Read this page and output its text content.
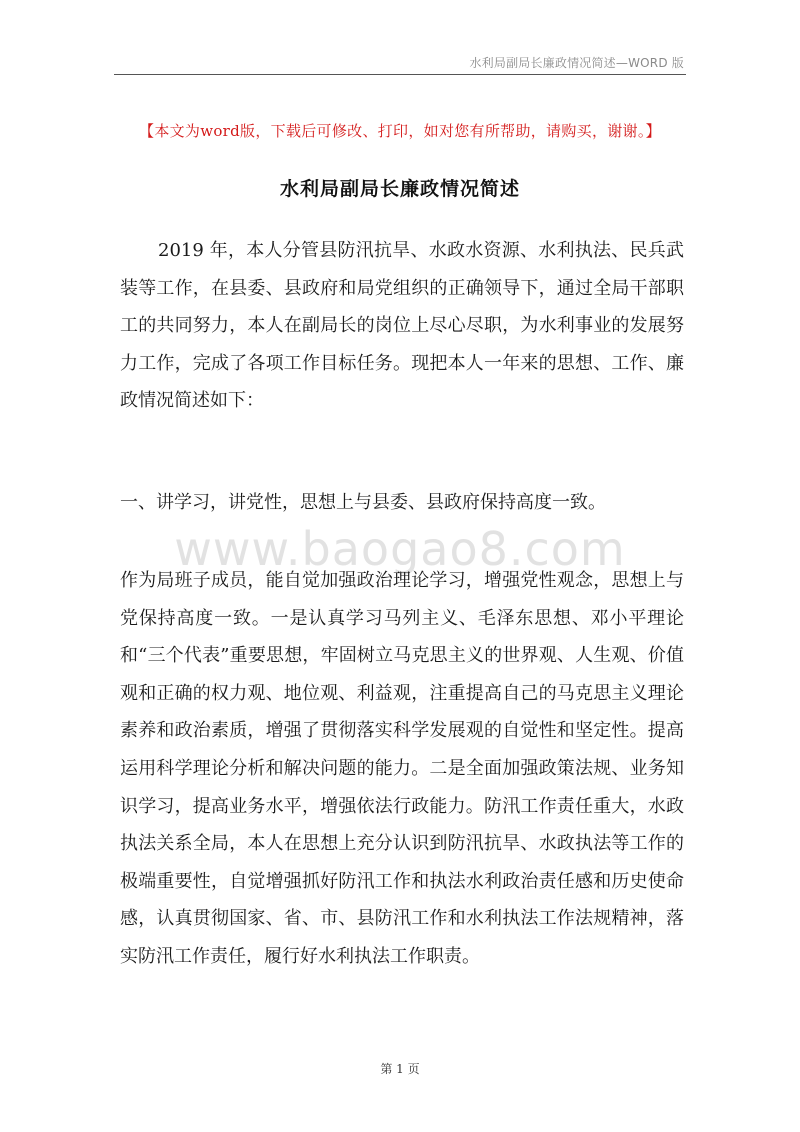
水利局副局长廉政情况简述—WORD 版
【本文为word版，下载后可修改、打印，如对您有所帮助，请购买，谢谢。】
水利局副局长廉政情况简述

2019 年，本人分管县防汛抗旱、水政水资源、水利执法、民兵武装等工作，在县委、县政府和局党组织的正确领导下，通过全局干部职工的共同努力，本人在副局长的岗位上尽心尽职，为水利事业的发展努力工作，完成了各项工作目标任务。现把本人一年来的思想、工作、廉政情况简述如下：

一、讲学习，讲党性，思想上与县委、县政府保持高度一致。
www.baogao8.com

作为局班子成员，能自觉加强政治理论学习，增强党性观念，思想上与党保持高度一致。一是认真学习马列主义、毛泽东思想、邓小平理论和“三个代表”重要思想，牢固树立马克思主义的世界观、人生观、价值观和正确的权力观、地位观、利益观，注重提高自己的马克思主义理论素养和政治素质，增强了贯彻落实科学发展观的自觉性和坚定性。提高运用科学理论分析和解决问题的能力。二是全面加强政策法规、业务知识学习，提高业务水平，增强依法行政能力。防汛工作责任重大，水政执法关系全局，本人在思想上充分认识到防汛抗旱、水政执法等工作的极端重要性，自觉增强抓好防汛工作和执法水利政治责任感和历史使命感，认真贯彻国家、省、市、县防汛工作和水利执法工作法规精神，落实防汛工作责任，履行好水利执法工作职责。

第 1 页
